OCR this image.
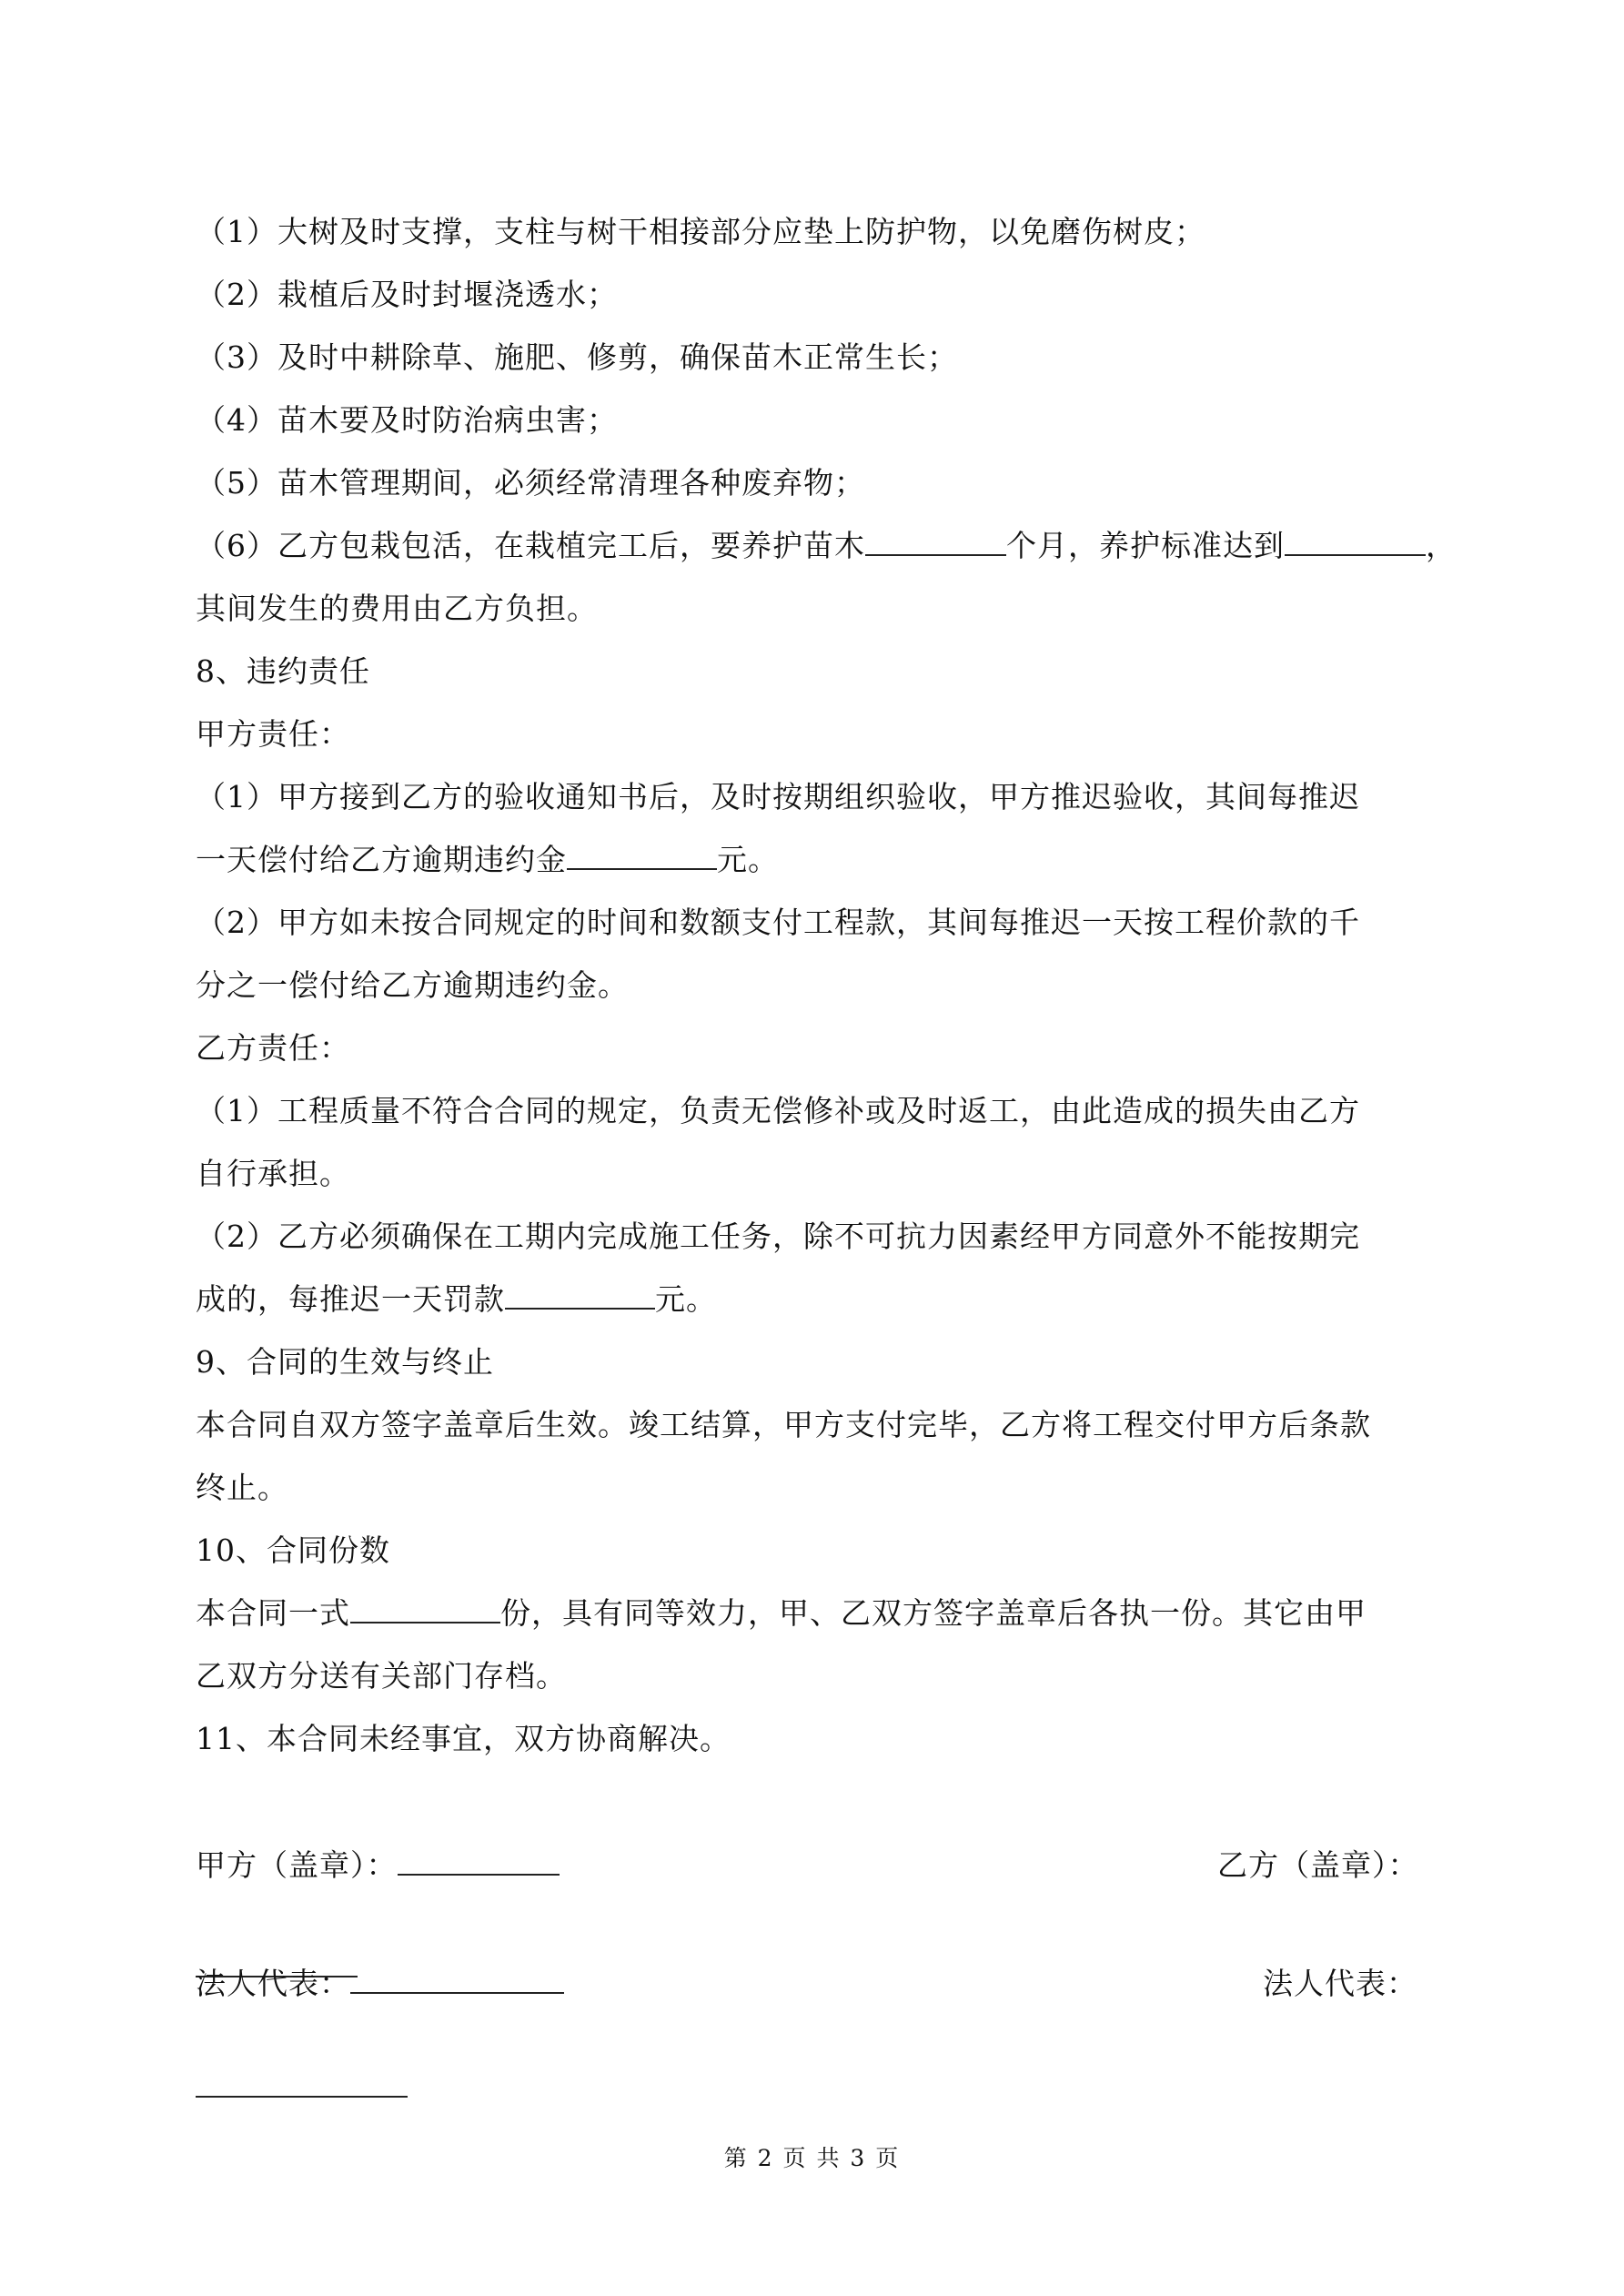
（1）大树及时支撑，支柱与树干相接部分应垫上防护物，以免磨伤树皮；
（2）栽植后及时封堰浇透水；
（3）及时中耕除草、施肥、修剪，确保苗木正常生长；
（4）苗木要及时防治病虫害；
（5）苗木管理期间，必须经常清理各种废弃物；
（6）乙方包栽包活，在栽植完工后，要养护苗木	个月，养护标准达到	，
其间发生的费用由乙方负担。
8、违约责任
甲方责任：
（1）甲方接到乙方的验收通知书后，及时按期组织验收，甲方推迟验收，其间每推迟
一天偿付给乙方逾期违约金	元。
（2）甲方如未按合同规定的时间和数额支付工程款，其间每推迟一天按工程价款的千
分之一偿付给乙方逾期违约金。
乙方责任：
（1）工程质量不符合合同的规定，负责无偿修补或及时返工，由此造成的损失由乙方
自行承担。
（2）乙方必须确保在工期内完成施工任务，除不可抗力因素经甲方同意外不能按期完
成的，每推迟一天罚款	元。
9、合同的生效与终止
本合同自双方签字盖章后生效。竣工结算，甲方支付完毕，乙方将工程交付甲方后条款
终止。
10、合同份数
本合同一式	份，具有同等效力，甲、乙双方签字盖章后各执一份。其它由甲
乙双方分送有关部门存档。
11、本合同未经事宜，双方协商解决。
甲方（盖章）：	乙方（盖章）：
法人代表：	法人代表：
第 2 页 共 3 页
